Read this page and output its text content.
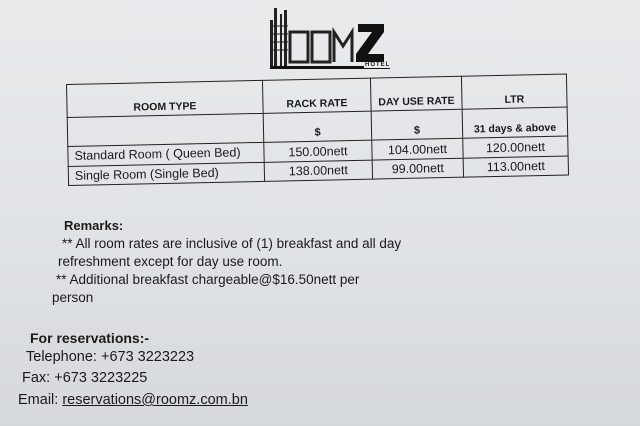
HOTEL
ROOM TYPE	RACK RATE	DAY USE RATE	LTR
	$	$	31 days & above
Standard Room ( Queen Bed)	150.00nett	104.00nett	120.00nett
Single Room (Single Bed)	138.00nett	99.00nett	113.00nett
Remarks:
** All room rates are inclusive of (1) breakfast and all day
refreshment except for day use room.
** Additional breakfast chargeable@$16.50nett per
person
For reservations:-
Telephone: +673 3223223
Fax: +673 3223225
Email: reservations@roomz.com.bn
